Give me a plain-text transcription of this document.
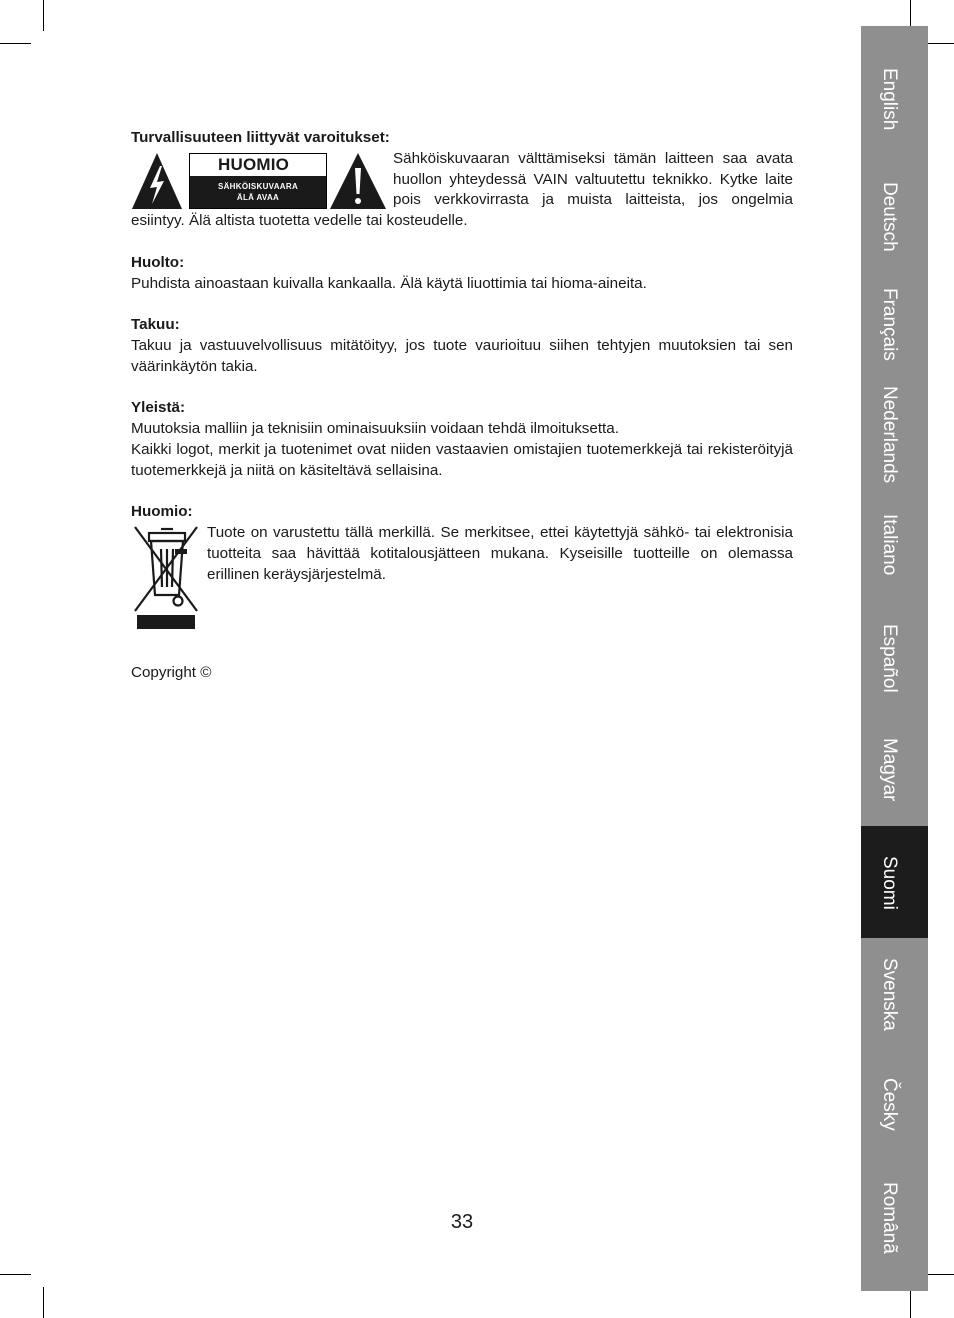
Turvallisuuteen liittyvät varoitukset:

HUOMIO
SÄHKÖISKUVAARA
ÄLÄ AVAA

Sähköiskuvaaran välttämiseksi tämän laitteen saa avata huollon yhteydessä VAIN valtuutettu teknikko. Kytke laite pois verkkovirrasta ja muista laitteista, jos ongelmia esiintyy. Älä altista tuotetta vedelle tai kosteudelle.

Huolto:

Puhdista ainoastaan kuivalla kankaalla. Älä käytä liuottimia tai hioma-aineita.

Takuu:

Takuu ja vastuuvelvollisuus mitätöityy, jos tuote vaurioituu siihen tehtyjen muutoksien tai sen väärinkäytön takia.

Yleistä:

Muutoksia malliin ja teknisiin ominaisuuksiin voidaan tehdä ilmoituksetta.

Kaikki logot, merkit ja tuotenimet ovat niiden vastaavien omistajien tuotemerkkejä tai rekisteröityjä tuotemerkkejä ja niitä on käsiteltävä sellaisina.

Huomio:

Tuote on varustettu tällä merkillä. Se merkitsee, ettei käytettyjä sähkö- tai elektronisia tuotteita saa hävittää kotitalousjätteen mukana. Kyseisille tuotteille on olemassa erillinen keräysjärjestelmä.

Copyright ©

33
English
Deutsch
Français
Nederlands
Italiano
Español
Magyar
Suomi
Svenska
Česky
Românã
